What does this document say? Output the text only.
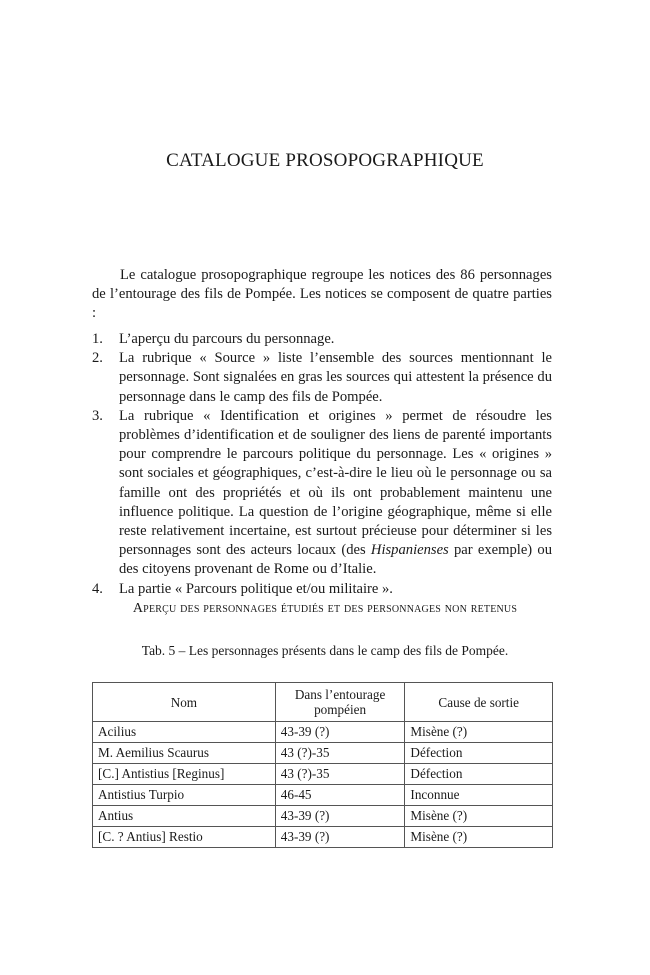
CATALOGUE PROSOPOGRAPHIQUE

Le catalogue prosopographique regroupe les notices des 86 personnages de l’entourage des fils de Pompée. Les notices se composent de quatre parties :

1. L’aperçu du parcours du personnage.
2. La rubrique « Source » liste l’ensemble des sources mentionnant le personnage. Sont signalées en gras les sources qui attestent la présence du personnage dans le camp des fils de Pompée.
3. La rubrique « Identification et origines » permet de résoudre les problèmes d’identification et de souligner des liens de parenté importants pour comprendre le parcours politique du personnage. Les « origines » sont sociales et géographiques, c’est-à-dire le lieu où le personnage ou sa famille ont des propriétés et où ils ont probablement maintenu une influence politique. La question de l’origine géographique, même si elle reste relativement incertaine, est surtout précieuse pour déterminer si les personnages sont des acteurs locaux (des Hispanienses par exemple) ou des citoyens provenant de Rome ou d’Italie.
4. La partie « Parcours politique et/ou militaire ».
Aperçu des personnages étudiés et des personnages non retenus

Tab. 5 – Les personnages présents dans le camp des fils de Pompée.

Nom	Dans l’entourage pompéien	Cause de sortie
Acilius	43-39 (?)	Misène (?)
M. Aemilius Scaurus	43 (?)-35	Défection
[C.] Antistius [Reginus]	43 (?)-35	Défection
Antistius Turpio	46-45	Inconnue
Antius	43-39 (?)	Misène (?)
[C. ? Antius] Restio	43-39 (?)	Misène (?)
